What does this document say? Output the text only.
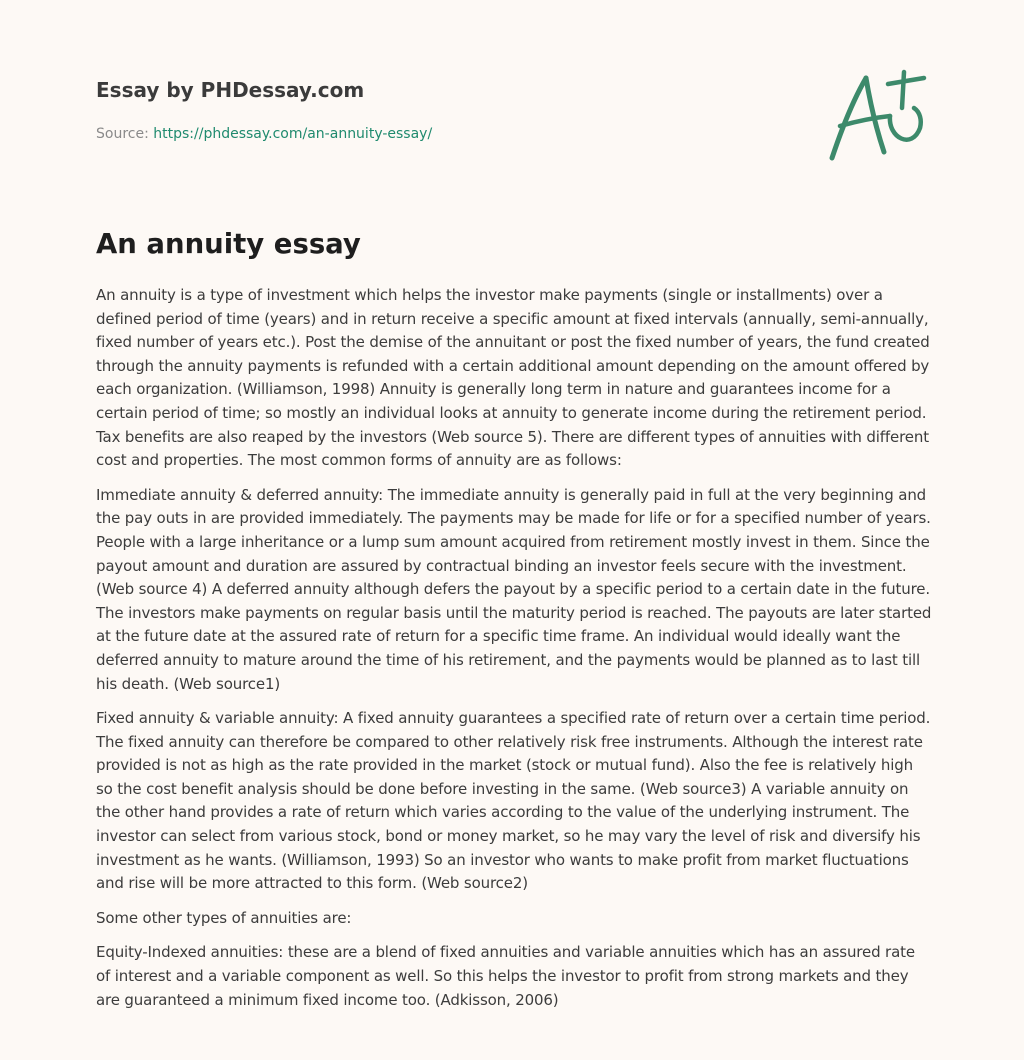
Essay by PHDessay.com
Source: https://phdessay.com/an-annuity-essay/
An annuity essay

An annuity is a type of investment which helps the investor make payments (single or installments) over a defined period of time (years) and in return receive a specific amount at fixed intervals (annually, semi-annually, fixed number of years etc.). Post the demise of the annuitant or post the fixed number of years, the fund created through the annuity payments is refunded with a certain additional amount depending on the amount offered by each organization. (Williamson, 1998) Annuity is generally long term in nature and guarantees income for a certain period of time; so mostly an individual looks at annuity to generate income during the retirement period. Tax benefits are also reaped by the investors (Web source 5). There are different types of annuities with different cost and properties. The most common forms of annuity are as follows:

Immediate annuity & deferred annuity: The immediate annuity is generally paid in full at the very beginning and the pay outs in are provided immediately. The payments may be made for life or for a specified number of years. People with a large inheritance or a lump sum amount acquired from retirement mostly invest in them. Since the payout amount and duration are assured by contractual binding an investor feels secure with the investment. (Web source 4) A deferred annuity although defers the payout by a specific period to a certain date in the future. The investors make payments on regular basis until the maturity period is reached. The payouts are later started at the future date at the assured rate of return for a specific time frame. An individual would ideally want the deferred annuity to mature around the time of his retirement, and the payments would be planned as to last till his death. (Web source1)

Fixed annuity & variable annuity: A fixed annuity guarantees a specified rate of return over a certain time period. The fixed annuity can therefore be compared to other relatively risk free instruments. Although the interest rate provided is not as high as the rate provided in the market (stock or mutual fund). Also the fee is relatively high so the cost benefit analysis should be done before investing in the same. (Web source3) A variable annuity on the other hand provides a rate of return which varies according to the value of the underlying instrument. The investor can select from various stock, bond or money market, so he may vary the level of risk and diversify his investment as he wants. (Williamson, 1993) So an investor who wants to make profit from market fluctuations and rise will be more attracted to this form. (Web source2)

Some other types of annuities are:

Equity-Indexed annuities: these are a blend of fixed annuities and variable annuities which has an assured rate of interest and a variable component as well. So this helps the investor to profit from strong markets and they are guaranteed a minimum fixed income too. (Adkisson, 2006)
